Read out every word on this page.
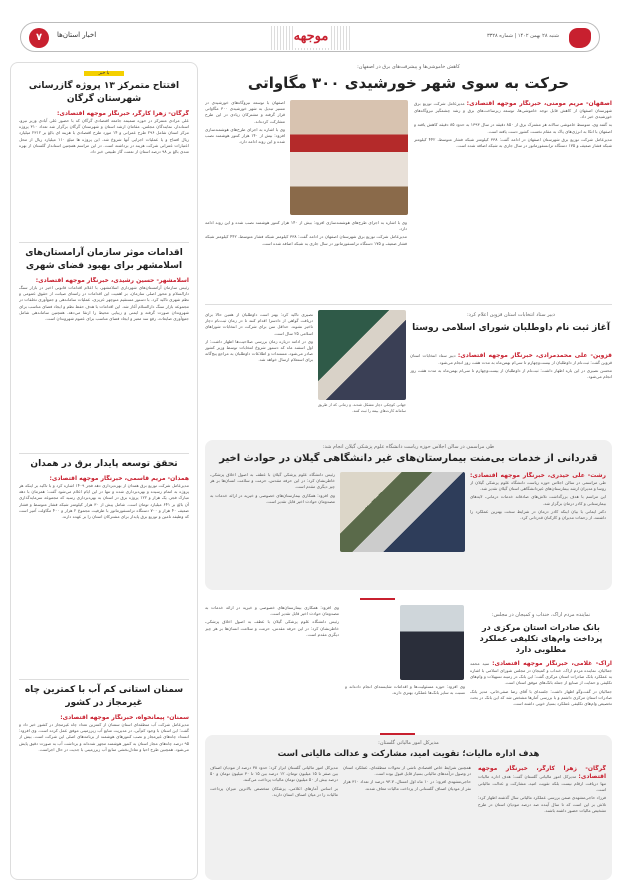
شنبه ۲۸ بهمن ۱۴۰۲ | شماره ۳۳۲۸
موجهه
اخبار استان‌ها
۷
با خبر
افتتاح متمرکز ۱۳ پروژه گازرسانی شهرستان گرگان
گرگان- زهرا کارگر، خبرنگار موجهه اقتصادی:
علی مرادی متمرکز در حوزه ضمیمه جامعه اقتصادی گرگان که با حضور علی آبادی وزیر نیرو، استاندار، نمایندگان مجلس، مقامان ارشد استان و شهرستان گرگان برگزار شد تعداد ۳۱۰ پروژه مرکز استان شامل ۲۹۶ طرح عمرانی و ۱۴ مورد طرح اقتصادی با هزینه ای بالغ بر ۲۳۱۲ میلیارد ریال افتتاح و یا عملیات اجرایی آنها شروع شد. این پروژه ها مبلغ ۱۱۰ میلیارد ریال از محل اعتبارات عمرانی شرکت هزینه در برداشته است. در این مراسم همچنین استاندار گلستان از بهره مندی بالغ بر ۹۸ درصد استان از نعمت گاز طبیعی خبر داد.
اقدامات موثر سازمان آرامستان‌های اسلامشهر برای بهبود فضای شهری
اسلامشهر- حسین رشیدی، خبرنگار موجهه اقتصادی:
رئیس سازمان آرامستان‌های شهرداری اسلامشهر، با اعلام اقدامات قانونی اخیر در بازار سنگ دارالسلام و محور اصلی سازمان، بر اهمیت این اقدامات در راستای صیانت از حقوق عمومی و نظم شهری تاکید کرد. با دستور مستقیم منوچهر عزیزی، عملیات ساماندهی و جمع‌آوری تخلفات در مجموعه بازار سنگ دارالسلام آغاز شد. این اقدامات با هدف حفظ نظم و ایجاد فضای مناسب برای شهروندان صورت گرفته و ایمنی و زیبایی محیط را ارتقا می‌دهد. همچنین ساماندهی شامل جمع‌آوری ضایعات، رفع سد معبر و ایجاد فضای مناسب برای عموم شهروندان است.
تحقق توسعه پایدار برق در همدان
همدان- مریم قاسمی، خبرنگار موجهه اقتصادی:
مدیرعامل شرکت توزیع برق همدان از بهره‌برداری دهه فجر ۱۴۰۹ اشاره کرد و با تاکید بر اینکه هر پروژه به اتمام رسیده و بهره‌برداری شده و تنها در این ایام اعلام می‌شود گفت: همزمان با دهه مبارک فجر، یک هزار و ۱۲۲ پروژه برق در استان به بهره‌برداری رسید که مجموعه سرمایه‌گذاری آن بالغ بر ۶۴۱ میلیارد تومان است. شامل پیش از ۳۰ هزار کیلومتر شبکه فشار متوسط و فشار ضعیف ۴۰ هزار و ۷۰۰ دستگاه ترانسفورماتور با ظرفیت مجموع ۲ هزار و ۴۰۰ مگاولت آمپر است که وظیفه تامین و توزیع برق پایدار برای مشترکان استان را بر عهده دارند.
سمنان استانی کم آب با کمترین چاه غیرمجاز در کشور
سمنان- پیمانخواه، خبرنگار موجهه اقتصادی:
مدیرعامل شرکت آب منطقه‌ای استان سمنان از کمترین تعداد چاه غیرمجاز در کشور خبر داد و گفت: این استان با وجود کم‌آبی، در مدیریت منابع آب زیرزمینی موفق عمل کرده است. وی افزود: انسداد چاه‌های غیرمجاز و نصب کنتورهای هوشمند از برنامه‌های اصلی این شرکت است. بیش از ۹۵ درصد چاه‌های مجاز استان به کنتور هوشمند مجهز شده‌اند و برداشت آب به صورت دقیق پایش می‌شود. همچنین طرح احیا و تعادل‌بخشی منابع آب زیرزمینی با جدیت در حال اجراست.
کاهش خاموشی‌ها و پیشرفت‌های برق در اصفهان:
حرکت به سوی شهر خورشیدی ۳۰۰ مگاواتی

اصفهان- مریم مومنی، خبرنگار موجهه اقتصادی: مدیرعامل شرکت توزیع برق شهرستان اصفهان از کاهش قابل توجه خاموشی‌ها، توسعه زیرساخت‌های برق و رشد چشمگیر نیروگاه‌های خورشیدی خبر داد.

به گفته وی، متوسط خاموشی سالانه هر مشترک برق از ۸۵۰ دقیقه در سال ۱۳۹۳ به حدود ۸۵ دقیقه کاهش یافته و اصفهان با اتکا به انرژی‌های پاک به مقام نخست کشور دست یافته است.

مدیرعامل شرکت توزیع برق شهرستان اصفهان در ادامه گفت: ۳۳۸ کیلومتر شبکه فشار متوسط، ۴۴۲ کیلومتر شبکه فشار ضعیف و ۱۷۵ دستگاه ترانسفورماتور در سال جاری به شبکه اضافه شده است.

اصفهان با توسعه نیروگاه‌های خورشیدی در مسیر تبدیل به شهر خورشیدی ۳۰۰ مگاواتی قرار گرفته و مشترکان زیادی در این طرح مشارکت کرده‌اند.

وی با اشاره به اجرای طرح‌های هوشمندسازی افزود: بیش از ۱۴۰ هزار کنتور هوشمند نصب شده و این روند ادامه دارد.

وی با اشاره به اجرای طرح‌های هوشمندسازی افزود: بیش از ۱۴۰ هزار کنتور هوشمند نصب شده و این روند ادامه دارد.

مدیرعامل شرکت توزیع برق شهرستان اصفهان در ادامه گفت: ۳۳۸ کیلومتر شبکه فشار متوسط، ۴۴۲ کیلومتر شبکه فشار ضعیف و ۱۷۵ دستگاه ترانسفورماتور در سال جاری به شبکه اضافه شده است.

دبیر ستاد انتخابات استان قزوین اعلام کرد:
آغاز ثبت نام داوطلبان شورای اسلامی روستا

قزوین- علی محمدمرادی، خبرنگار موجهه اقتصادی: دبیر ستاد انتخابات استان قزوین گفت: ثبت‌نام از داوطلبان از بیست‌وچهارم تا سی‌ام بهمن‌ماه به مدت هفت روز انجام می‌شود.

محسن نصیری در این باره اظهار داشت: ثبت‌نام از داوطلبان از بیست‌وچهارم تا سی‌ام بهمن‌ماه به مدت هفت روز انجام می‌شود.

جهانی کوچکی دچار مشکل شدند، و زمانی که از طریق سامانه کارت‌های بیمه را ثبت کنند.

نصیری تاکید کرد: بهتر است داوطلبان از همین حالا برای دریافت گواهی از دادسرا اقدام کنند تا در زمان ثبت‌نام دچار تاخیر نشوند. حداقل سن برای شرکت در انتخابات شوراهای اسلامی ۲۵ سال است.

وی در ادامه درباره زمان بررسی صلاحیت‌ها اظهار داشت: از اول اسفند ماه که دستور شروع انتخابات توسط وزیر کشور صادر می‌شود، مستندات و اطلاعات داوطلبان به مراجع پنج‌گانه برای استعلام ارسال خواهد شد.

طی مراسمی در سالن اجلاس حوزه ریاست دانشگاه علوم پزشکی گیلان انجام شد:
قدردانی از خدمات بی‌منت بیمارستان‌های غیر دانشگاهی گیلان در حوادث اخیر

رشت- علی حیدری، خبرنگار موجهه اقتصادی: طی مراسمی در سالن اجلاس حوزه ریاست دانشگاه علوم پزشکی گیلان از روسا و مدیران ارشد بیمارستان‌های غیردانشگاهی استان گیلان تقدیر شد.

این مراسم با هدف بزرگداشت تلاش‌های صادقانه خدمات درمانی، لایه‌های بیمارستانی و کادر درمان برگزار شد.

دکتر ایمانی با بیان اینکه کادر درمان در شرایط سخت بهترین عملکرد را داشتند، از زحمات مدیران و کارکنان قدردانی کرد.

رئیس دانشگاه علوم پزشکی گیلان با عطف به اصول اخلاق پزشکی، خاطرنشان کرد: در این حرفه مقدس، حرمت و سلامت انسان‌ها بر هر چیز دیگری مقدم است.

وی افزود: همکاری بیمارستان‌های خصوصی و خیریه در ارائه خدمات به مصدومان حوادث اخیر قابل تقدیر است.

نماینده مردم اراک، خنداب و کمیجان در مجلس:
بانک صادرات استان مرکزی در پرداخت وام‌های تکلیفی عملکرد مطلوبی دارد

اراک- غلامی، خبرنگار موجهه اقتصادی: سید محمد جمالیان، نماینده مردم اراک، خنداب و کمیجان در مجلس شورای اسلامی با اشاره به عملکرد بانک صادرات استان مرکزی گفت: این بانک در زمینه تسهیلات و وام‌های تکلیفی و حمایت از صنایع از جمله بانک‌های موفق استان است.

جمالیان در گفت‌وگو اظهار داشت: جلسه‌ای با آقای رضا صفی‌خانی، مدیر بانک صادرات استان مرکزی داشتم و با بررسی آمارها مشخص شد که این بانک در بحث تخصیص وام‌های تکلیفی عملکرد بسیار خوبی داشته است.

وی افزود: حوزه مسئولیت‌ها و اقدامات شایسته‌ای انجام داده‌اند و نسبت به سایر بانک‌ها عملکرد بهتری دارند.

وی افزود: همکاری بیمارستان‌های خصوصی و خیریه در ارائه خدمات به مصدومان حوادث اخیر قابل تقدیر است.

رئیس دانشگاه علوم پزشکی گیلان با عطف به اصول اخلاق پزشکی، خاطرنشان کرد: در این حرفه مقدس، حرمت و سلامت انسان‌ها بر هر چیز دیگری مقدم است.

مدیرکل امور مالیاتی گلستان:
هدف اداره مالیات؛ تقویت امید، مشارکت و عدالت مالیاتی است

گرگان- زهرا کارگر، خبرنگار موجهه اقتصادی: مدیرکل امور مالیاتی گلستان گفت: هدف اداره مالیات تنها دریافت ارقام نیست بلکه تقویت امید، مشارکت و عدالت مالیاتی است.

فرزاد حاجی‌مشهدی ضمن بررسی عملکرد مالیاتی سال گذشته اظهار کرد: تلاش بر این است که تا سال آینده صد درصد مودیان استان در طرح تشخیص مالیات حضور داشته باشند.

همچنین شرایط خاص اقتصادی ناشی از تحولات منطقه‌ای، عملکرد استان در وصول درآمدهای مالیاتی بسیار قابل قبول بوده است.

حاجی‌مشهدی افزود: در ۱۰ ماه اول امسال، ۹۳.۷ درصد از تعداد ۳۱۰ هزار نفر از مودیان اصناف گلستانی از پرداخت مالیات معاف شدند.

مدیرکل امور مالیاتی گلستان ابراز کرد: حدود ۳۸ درصد از مودیان اصناف بین صفر تا ۱۵ میلیون تومان، ۱۲ درصد بین ۱۵ تا ۳۰ میلیون تومان و ۵۰ درصد بیش از ۵۰ میلیون تومان مالیات پرداخت می‌کنند.

بر اساس آمارهای اعلامی، پزشکان متخصص بالاترین میزان پرداخت مالیات را در میان اصناف استان دارند.
